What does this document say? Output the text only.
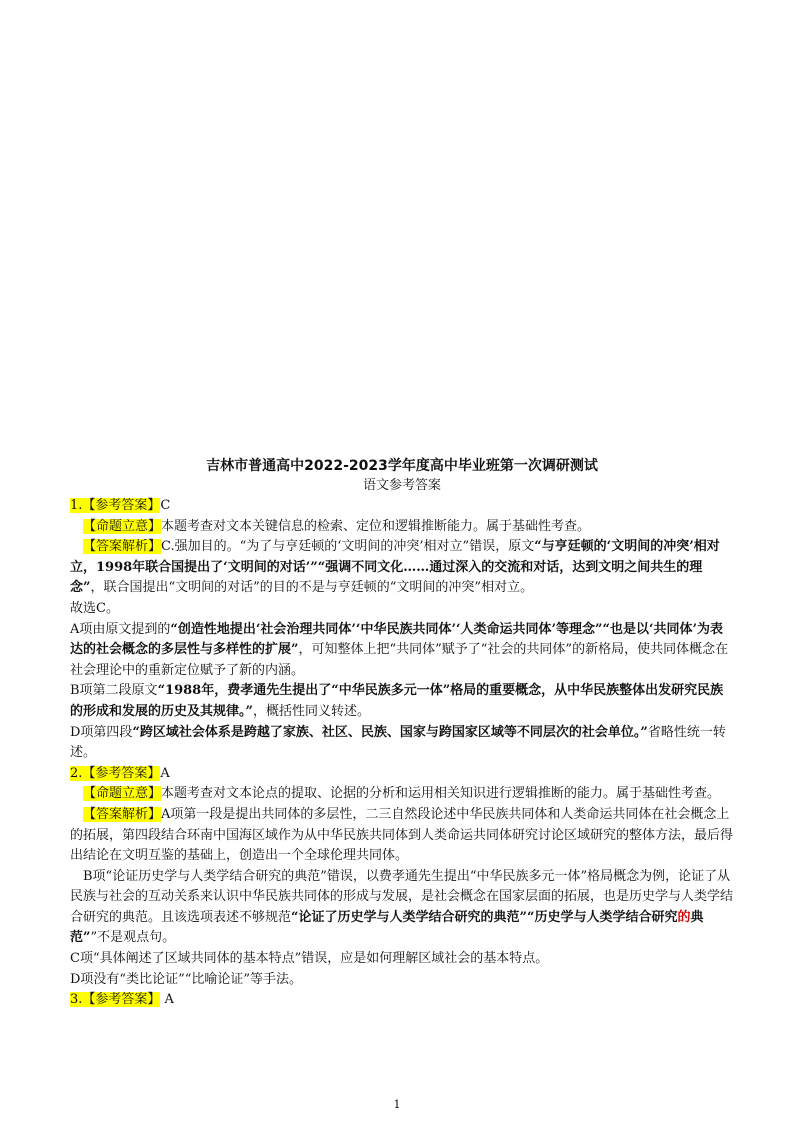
吉林市普通高中2022-2023学年度高中毕业班第一次调研测试
语文参考答案

1.【参考答案】C

【命题立意】本题考查对文本关键信息的检索、定位和逻辑推断能力。属于基础性考查。

【答案解析】C.强加目的。“为了与亨廷顿的‘文明间的冲突’相对立”错误，原文“与亨廷顿的‘文明间的冲突’相对立，1998年联合国提出了‘文明间的对话’”“强调不同文化……通过深入的交流和对话，达到文明之间共生的理念”，联合国提出“文明间的对话”的目的不是与亨廷顿的“文明间的冲突”相对立。

故选C。

A项由原文提到的“创造性地提出‘社会治理共同体’‘中华民族共同体’‘人类命运共同体’等理念”“也是以‘共同体’为表达的社会概念的多层性与多样性的扩展”，可知整体上把“共同体”赋予了“社会的共同体”的新格局，使共同体概念在社会理论中的重新定位赋予了新的内涵。

B项第二段原文“1988年，费孝通先生提出了“中华民族多元一体”格局的重要概念，从中华民族整体出发研究民族的形成和发展的历史及其规律。”，概括性同义转述。

D项第四段“跨区域社会体系是跨越了家族、社区、民族、国家与跨国家区域等不同层次的社会单位。”省略性统一转述。

2.【参考答案】A

【命题立意】本题考查对文本论点的提取、论据的分析和运用相关知识进行逻辑推断的能力。属于基础性考查。

【答案解析】A项第一段是提出共同体的多层性，二三自然段论述中华民族共同体和人类命运共同体在社会概念上的拓展，第四段结合环南中国海区域作为从中华民族共同体到人类命运共同体研究讨论区域研究的整体方法，最后得出结论在文明互鉴的基础上，创造出一个全球伦理共同体。

B项“论证历史学与人类学结合研究的典范”错误，以费孝通先生提出“中华民族多元一体”格局概念为例，论证了从民族与社会的互动关系来认识中华民族共同体的形成与发展，是社会概念在国家层面的拓展，也是历史学与人类学结合研究的典范。且该选项表述不够规范“论证了历史学与人类学结合研究的典范”“历史学与人类学结合研究的典范””不是观点句。

C项“具体阐述了区域共同体的基本特点”错误，应是如何理解区域社会的基本特点。

D项没有“类比论证”“比喻论证”等手法。

3.【参考答案】 A

1
